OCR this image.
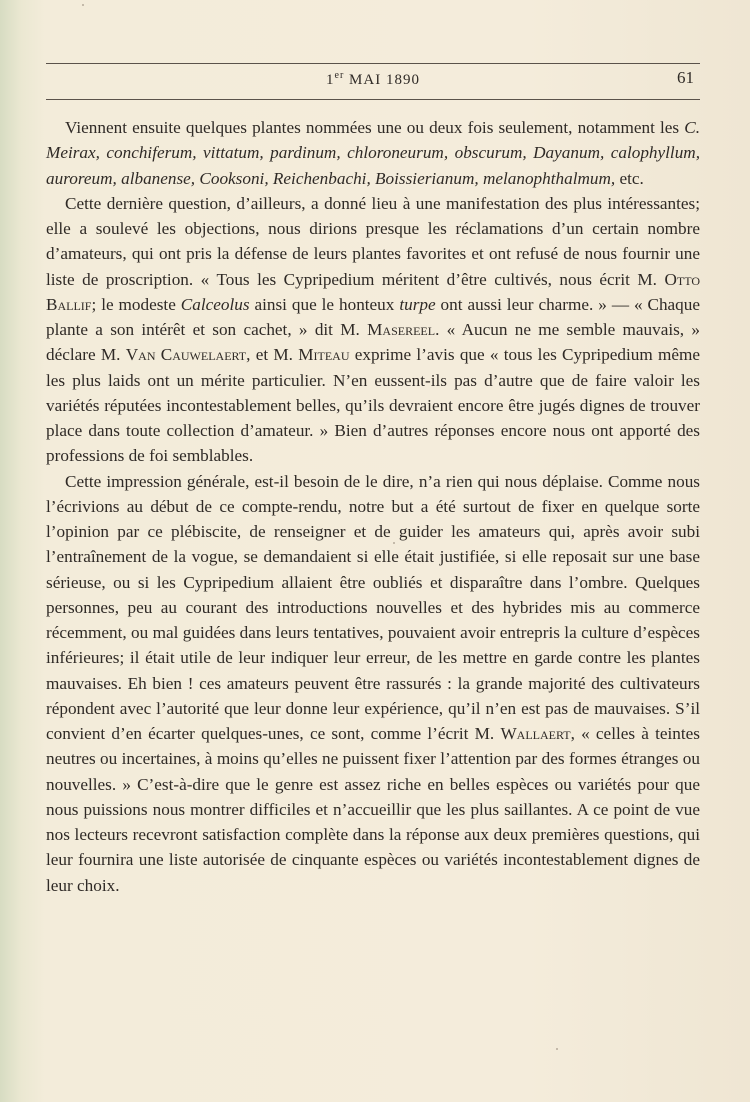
1er MAI 1890	61

Viennent ensuite quelques plantes nommées une ou deux fois seulement, notamment les C. Meirax, conchiferum, vittatum, pardinum, chloroneurum, obscurum, Dayanum, calophyllum, auroreum, albanense, Cooksoni, Reichenbachi, Boissierianum, melanophthalmum, etc.

Cette dernière question, d’ailleurs, a donné lieu à une manifestation des plus intéressantes; elle a soulevé les objections, nous dirions presque les réclamations d’un certain nombre d’amateurs, qui ont pris la défense de leurs plantes favorites et ont refusé de nous fournir une liste de proscription. « Tous les Cypripedium méritent d’être cultivés, nous écrit M. Otto Ballif; le modeste Calceolus ainsi que le honteux turpe ont aussi leur charme. » — « Chaque plante a son intérêt et son cachet, » dit M. Masereel. « Aucun ne me semble mauvais, » déclare M. Van Cauwelaert, et M. Miteau exprime l’avis que « tous les Cypripedium même les plus laids ont un mérite particulier. N’en eussent-ils pas d’autre que de faire valoir les variétés réputées incontestablement belles, qu’ils devraient encore être jugés dignes de trouver place dans toute collection d’amateur. » Bien d’autres réponses encore nous ont apporté des professions de foi semblables.

Cette impression générale, est-il besoin de le dire, n’a rien qui nous déplaise. Comme nous l’écrivions au début de ce compte-rendu, notre but a été surtout de fixer en quelque sorte l’opinion par ce plébiscite, de renseigner et de guider les amateurs qui, après avoir subi l’entraînement de la vogue, se demandaient si elle était justifiée, si elle reposait sur une base sérieuse, ou si les Cypripedium allaient être oubliés et disparaître dans l’ombre. Quelques personnes, peu au courant des introductions nouvelles et des hybrides mis au commerce récemment, ou mal guidées dans leurs tentatives, pouvaient avoir entrepris la culture d’espèces inférieures; il était utile de leur indiquer leur erreur, de les mettre en garde contre les plantes mauvaises. Eh bien ! ces amateurs peuvent être rassurés : la grande majorité des cultivateurs répondent avec l’autorité que leur donne leur expérience, qu’il n’en est pas de mauvaises. S’il convient d’en écarter quelques-unes, ce sont, comme l’écrit M. Wallaert, « celles à teintes neutres ou incertaines, à moins qu’elles ne puissent fixer l’attention par des formes étranges ou nouvelles. » C’est-à-dire que le genre est assez riche en belles espèces ou variétés pour que nous puissions nous montrer difficiles et n’accueillir que les plus saillantes. A ce point de vue nos lecteurs recevront satisfaction complète dans la réponse aux deux premières questions, qui leur fournira une liste autorisée de cinquante espèces ou variétés incontestablement dignes de leur choix.
